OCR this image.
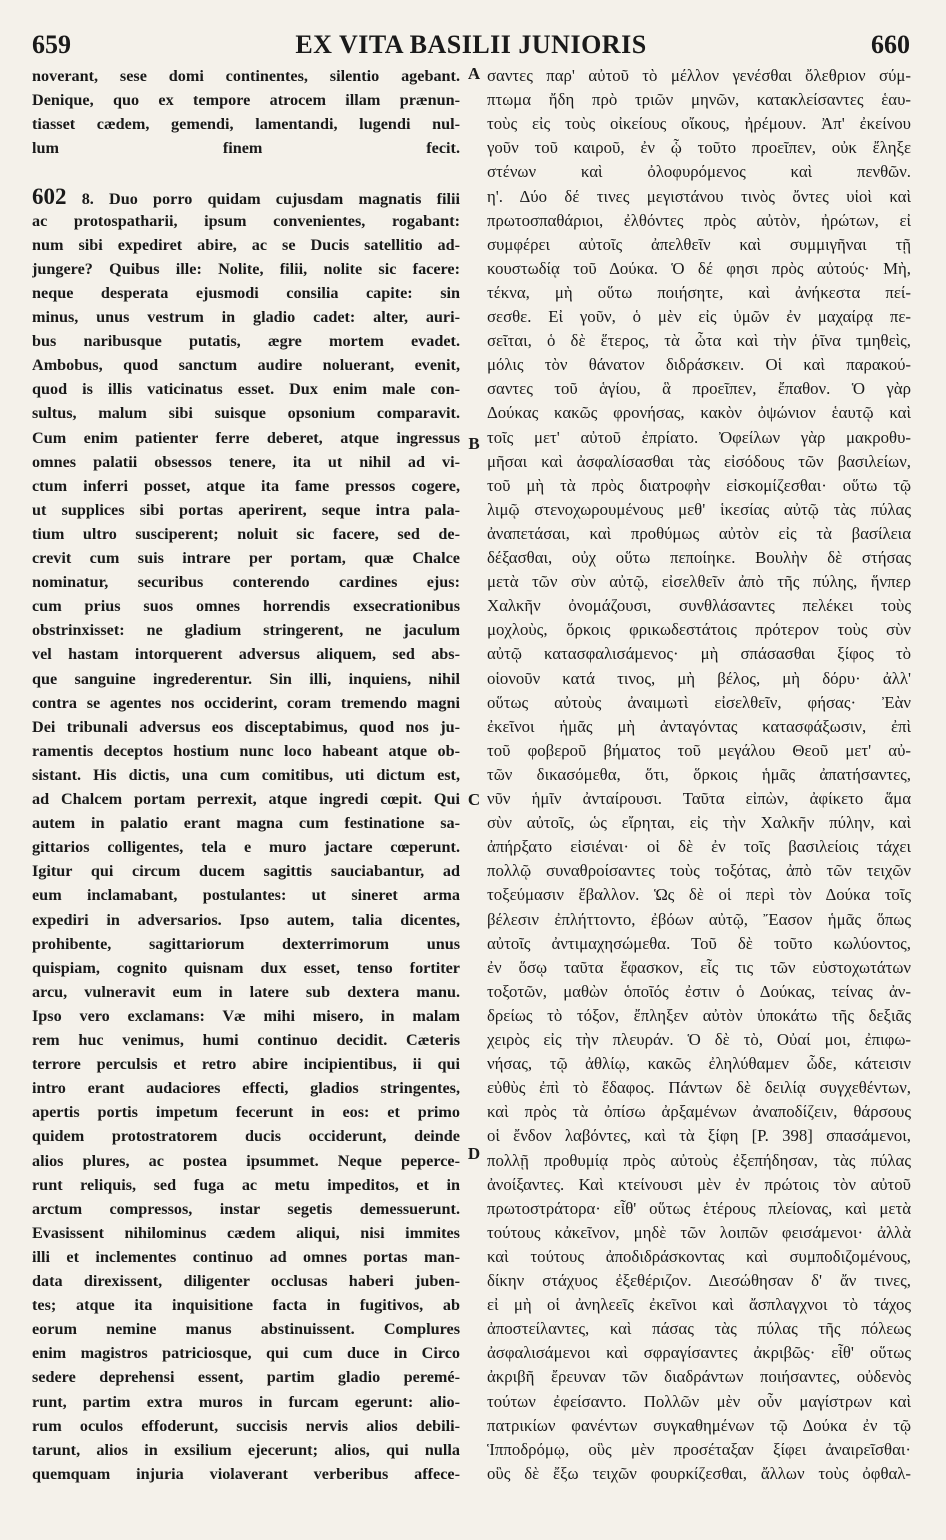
659	EX VITA BASILII JUNIORIS	660
noverant, sese domi continentes, silentio agebant.
Denique, quo ex tempore atrocem illam prænun-
tiasset cædem, gemendi, lamentandi, lugendi nul-
lum finem fecit.
602 8. Duo porro quidam cujusdam magnatis filii
ac protospatharii, ipsum convenientes, rogabant:
num sibi expediret abire, ac se Ducis satellitio ad-
jungere? Quibus ille: Nolite, filii, nolite sic facere:
neque desperata ejusmodi consilia capite: sin
minus, unus vestrum in gladio cadet: alter, auri-
bus naribusque putatis, ægre mortem evadet.
Ambobus, quod sanctum audire noluerant, evenit,
quod is illis vaticinatus esset. Dux enim male con-
sultus, malum sibi suisque opsonium comparavit.
Cum enim patienter ferre deberet, atque ingressus
omnes palatii obsessos tenere, ita ut nihil ad vi-
ctum inferri posset, atque ita fame pressos cogere,
ut supplices sibi portas aperirent, seque intra pala-
tium ultro susciperent; noluit sic facere, sed de-
crevit cum suis intrare per portam, quæ Chalce
nominatur, securibus conterendo cardines ejus:
cum prius suos omnes horrendis exsecrationibus
obstrinxisset: ne gladium stringerent, ne jaculum
vel hastam intorquerent adversus aliquem, sed abs-
que sanguine ingrederentur. Sin illi, inquiens, nihil
contra se agentes nos occiderint, coram tremendo magni
Dei tribunali adversus eos disceptabimus, quod nos ju-
ramentis deceptos hostium nunc loco habeant atque ob-
sistant. His dictis, una cum comitibus, uti dictum est,
ad Chalcem portam perrexit, atque ingredi cœpit. Qui
autem in palatio erant magna cum festinatione sa-
gittarios colligentes, tela e muro jactare cœperunt.
Igitur qui circum ducem sagittis sauciabantur, ad
eum inclamabant, postulantes: ut sineret arma
expediri in adversarios. Ipso autem, talia dicentes,
prohibente, sagittariorum dexterrimorum unus
quispiam, cognito quisnam dux esset, tenso fortiter
arcu, vulneravit eum in latere sub dextera manu.
Ipso vero exclamans: Væ mihi misero, in malam
rem huc venimus, humi continuo decidit. Cæteris
terrore perculsis et retro abire incipientibus, ii qui
intro erant audaciores effecti, gladios stringentes,
apertis portis impetum fecerunt in eos: et primo
quidem protostratorem ducis occiderunt, deinde
alios plures, ac postea ipsummet. Neque peperce-
runt reliquis, sed fuga ac metu impeditos, et in
arctum compressos, instar segetis demessuerunt.
Evasissent nihilominus cædem aliqui, nisi immites
illi et inclementes continuo ad omnes portas man-
data direxissent, diligenter occlusas haberi juben-
tes; atque ita inquisitione facta in fugitivos, ab
eorum nemine manus abstinuissent. Complures
enim magistros patriciosque, qui cum duce in Circo
sedere deprehensi essent, partim gladio peremé-
runt, partim extra muros in furcam egerunt: alio-
rum oculos effoderunt, succisis nervis alios debili-
tarunt, alios in exsilium ejecerunt; alios, qui nulla
quemquam injuria violaverant verberibus affece-
σαντες παρ' αὐτοῦ τὸ μέλλον γενέσθαι ὄλεθριον σύμ-
πτωμα ἤδη πρὸ τριῶν μηνῶν, κατακλείσαντες ἑαυ-
τοὺς εἰς τοὺς οἰκείους οἴκους, ἠρέμουν. Ἀπ' ἐκείνου
γοῦν τοῦ καιροῦ, ἐν ᾧ τοῦτο προεῖπεν, οὐκ ἔληξε
στένων καὶ ὀλοφυρόμενος καὶ πενθῶν.
η'. Δύο δέ τινες μεγιστάνου τινὸς ὄντες υἱοὶ καὶ
πρωτοσπαθάριοι, ἐλθόντες πρὸς αὐτὸν, ἠρώτων, εἰ
συμφέρει αὐτοῖς ἀπελθεῖν καὶ συμμιγῆναι τῇ
κουστωδίᾳ τοῦ Δούκα. Ὁ δέ φησι πρὸς αὐτούς· Μὴ,
τέκνα, μὴ οὕτω ποιήσητε, καὶ ἀνήκεστα πεί-
σεσθε. Εἰ γοῦν, ὁ μὲν εἰς ὑμῶν ἐν μαχαίρᾳ πε-
σεῖται, ὁ δὲ ἕτερος, τὰ ὦτα καὶ τὴν ῥῖνα τμηθεὶς,
μόλις τὸν θάνατον διδράσκειν. Οἱ καὶ παρακού-
σαντες τοῦ ἁγίου, ἃ προεῖπεν, ἔπαθον. Ὁ γὰρ
Δούκας κακῶς φρονήσας, κακὸν ὀψώνιον ἑαυτῷ καὶ
τοῖς μετ' αὐτοῦ ἐπρίατο. Ὀφείλων γὰρ μακροθυ-
μῆσαι καὶ ἀσφαλίσασθαι τὰς εἰσόδους τῶν βασιλείων,
τοῦ μὴ τὰ πρὸς διατροφὴν εἰσκομίζεσθαι· οὕτω τῷ
λιμῷ στενοχωρουμένους μεθ' ἱκεσίας αὐτῷ τὰς πύλας
ἀναπετάσαι, καὶ προθύμως αὐτὸν εἰς τὰ βασίλεια
δέξασθαι, οὐχ οὕτω πεποίηκε. Βουλὴν δὲ στήσας
μετὰ τῶν σὺν αὐτῷ, εἰσελθεῖν ἀπὸ τῆς πύλης, ἥνπερ
Χαλκῆν ὀνομάζουσι, συνθλάσαντες πελέκει τοὺς
μοχλοὺς, ὅρκοις φρικωδεστάτοις πρότερον τοὺς σὺν
αὐτῷ κατασφαλισάμενος· μὴ σπάσασθαι ξίφος τὸ
οἱονοῦν κατά τινος, μὴ βέλος, μὴ δόρυ· ἀλλ'
οὕτως αὐτοὺς ἀναιμωτὶ εἰσελθεῖν, φήσας· Ἐὰν
ἐκεῖνοι ἡμᾶς μὴ ἀνταγόντας κατασφάξωσιν, ἐπὶ
τοῦ φοβεροῦ βήματος τοῦ μεγάλου Θεοῦ μετ' αὐ-
τῶν δικασόμεθα, ὅτι, ὅρκοις ἡμᾶς ἀπατήσαντες,
νῦν ἡμῖν ἀνταίρουσι. Ταῦτα εἰπὼν, ἀφίκετο ἅμα
σὺν αὐτοῖς, ὡς εἴρηται, εἰς τὴν Χαλκῆν πύλην, καὶ
ἀπήρξατο εἰσιέναι· οἱ δὲ ἐν τοῖς βασιλείοις τάχει
πολλῷ συναθροίσαντες τοὺς τοξότας, ἀπὸ τῶν τειχῶν
τοξεύμασιν ἔβαλλον. Ὡς δὲ οἱ περὶ τὸν Δούκα τοῖς
βέλεσιν ἐπλήττοντο, ἐβόων αὐτῷ, Ἔασον ἡμᾶς ὅπως
αὐτοῖς ἀντιμαχησώμεθα. Τοῦ δὲ τοῦτο κωλύοντος,
ἐν ὅσῳ ταῦτα ἔφασκον, εἷς τις τῶν εὐστοχωτάτων
τοξοτῶν, μαθὼν ὁποῖός ἐστιν ὁ Δούκας, τείνας ἀν-
δρείως τὸ τόξον, ἔπληξεν αὐτὸν ὑποκάτω τῆς δεξιᾶς
χειρὸς εἰς τὴν πλευράν. Ὁ δὲ τὸ, Οὐαί μοι, ἐπιφω-
νήσας, τῷ ἀθλίῳ, κακῶς ἐληλύθαμεν ὧδε, κάτεισιν
εὐθὺς ἐπὶ τὸ ἔδαφος. Πάντων δὲ δειλίᾳ συγχεθέντων,
καὶ πρὸς τὰ ὀπίσω ἀρξαμένων ἀναποδίζειν, θάρσους
οἱ ἔνδον λαβόντες, καὶ τὰ ξίφη [P. 398] σπασάμενοι,
πολλῇ προθυμίᾳ πρὸς αὐτοὺς ἐξεπήδησαν, τὰς πύλας
ἀνοίξαντες. Καὶ κτείνουσι μὲν ἐν πρώτοις τὸν αὐτοῦ
πρωτοστράτορα· εἶθ' οὕτως ἑτέρους πλείονας, καὶ μετὰ
τούτους κἀκεῖνον, μηδὲ τῶν λοιπῶν φεισάμενοι· ἀλλὰ
καὶ τούτους ἀποδιδράσκοντας καὶ συμποδιζομένους,
δίκην στάχυος ἐξεθέριζον. Διεσώθησαν δ' ἄν τινες,
εἰ μὴ οἱ ἀνηλεεῖς ἐκεῖνοι καὶ ἄσπλαγχνοι τὸ τάχος
ἀποστείλαντες, καὶ πάσας τὰς πύλας τῆς πόλεως
ἀσφαλισάμενοι καὶ σφραγίσαντες ἀκριβῶς· εἶθ' οὕτως
ἀκριβῆ ἔρευναν τῶν διαδράντων ποιήσαντες, οὐδενὸς
τούτων ἐφείσαντο. Πολλῶν μὲν οὖν μαγίστρων καὶ
πατρικίων φανέντων συγκαθημένων τῷ Δούκα ἐν τῷ
Ἱπποδρόμῳ, οὓς μὲν προσέταξαν ξίφει ἀναιρεῖσθαι·
οὓς δὲ ἔξω τειχῶν φουρκίζεσθαι, ἄλλων τοὺς ὀφθαλ-
A
B
C
D
